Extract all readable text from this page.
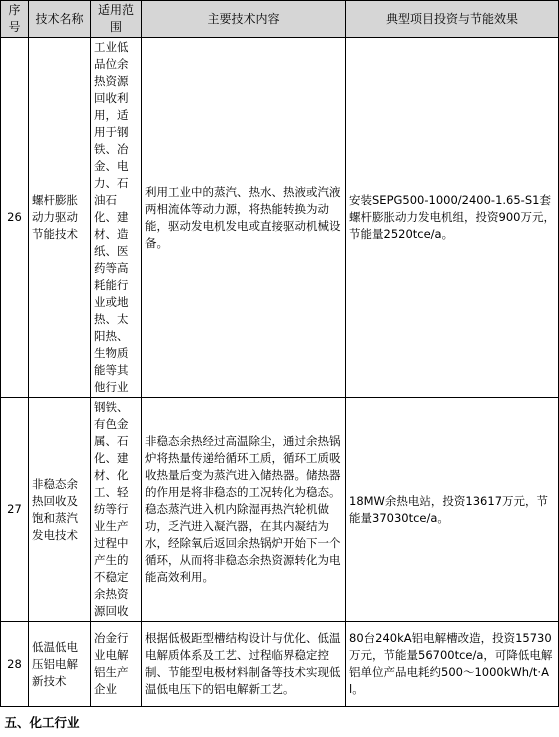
序号	技术名称	适用范围	主要技术内容	典型项目投资与节能效果
26	螺杆膨胀动力驱动节能技术	工业低品位余热资源回收利用，适用于钢铁、冶金、电力、石油石化、建材、造纸、医药等高耗能行业或地热、太阳热、生物质能等其他行业	利用工业中的蒸汽、热水、热液或汽液两相流体等动力源，将热能转换为动能，驱动发电机发电或直接驱动机械设备。	安装SEPG500-1000/2400-1.65-S1套螺杆膨胀动力发电机组，投资900万元，节能量2520tce/a。
27	非稳态余热回收及饱和蒸汽发电技术	钢铁、有色金属、石化、建材、化工、轻纺等行业生产过程中产生的不稳定余热资源回收	非稳态余热经过高温除尘，通过余热锅炉将热量传递给循环工质，循环工质吸收热量后变为蒸汽进入储热器。储热器的作用是将非稳态的工况转化为稳态。稳态蒸汽进入机内除湿再热汽轮机做功，乏汽进入凝汽器，在其内凝结为水，经除氧后返回余热锅炉开始下一个循环，从而将非稳态余热资源转化为电能高效利用。	18MW余热电站，投资13617万元，节能量37030tce/a。
28	低温低电压铝电解新技术	冶金行业电解铝生产企业	根据低极距型槽结构设计与优化、低温电解质体系及工艺、过程临界稳定控制、节能型电极材料制备等技术实现低温低电压下的铝电解新工艺。	80台240kA铝电解槽改造，投资15730万元，节能量56700tce/a，可降低电解铝单位产品电耗约500～1000kWh/t·Al。
五、化工行业				
